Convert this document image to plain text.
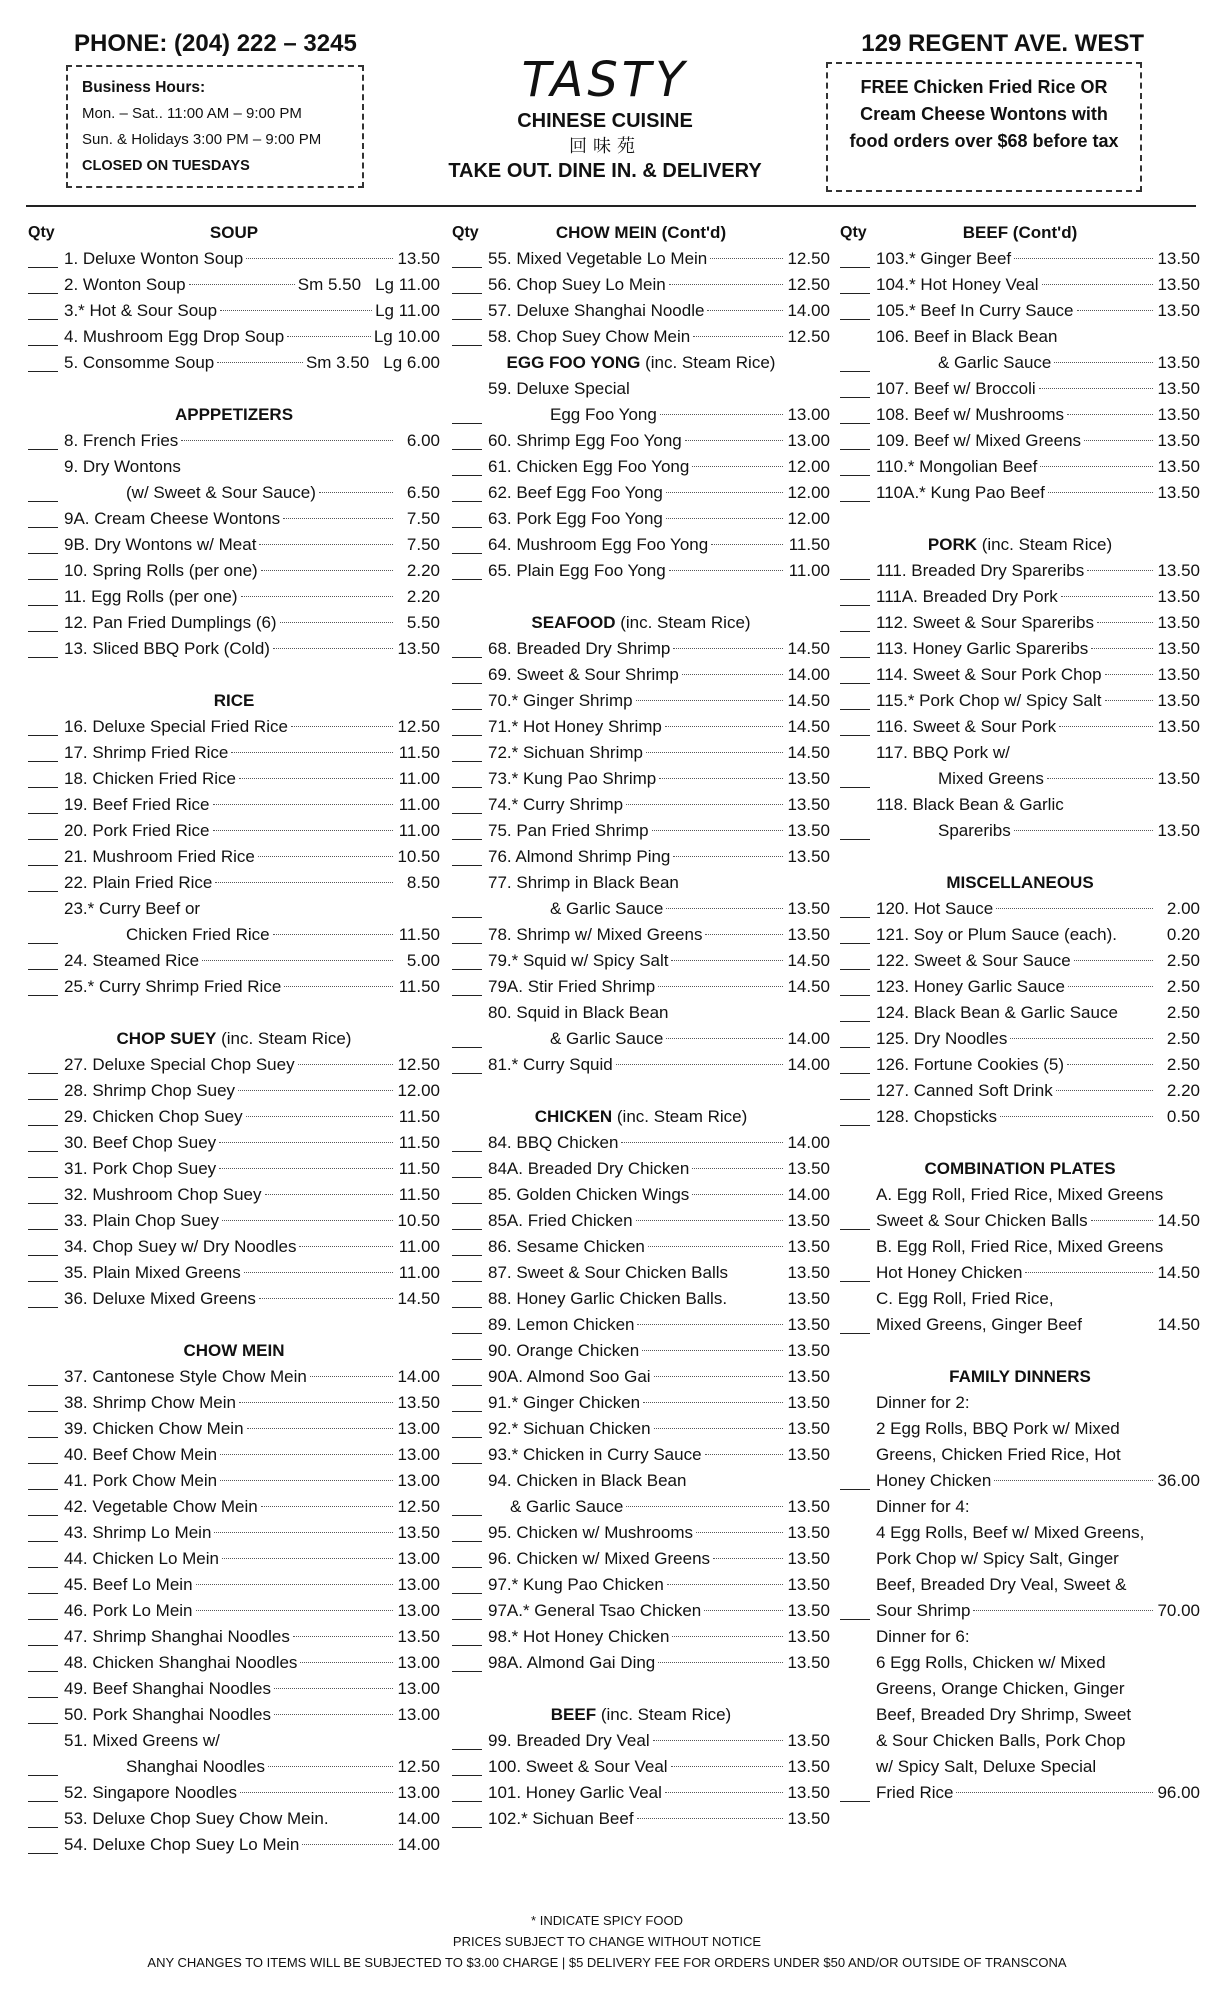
PHONE: (204) 222 – 3245	129 REGENT AVE. WEST
Business Hours:
Mon. – Sat.. 11:00 AM – 9:00 PM
Sun. & Holidays 3:00 PM – 9:00 PM
CLOSED ON TUESDAYS
TASTY
CHINESE CUISINE
回味苑
TAKE OUT. DINE IN. & DELIVERY
FREE Chicken Fried Rice OR Cream Cheese Wontons with food orders over $68 before tax
Qty	SOUP
1. Deluxe Wonton Soup	13.50
2. Wonton Soup	Sm 5.50 Lg 11.00
3.* Hot & Sour Soup	Lg 11.00
4. Mushroom Egg Drop Soup	Lg 10.00
5. Consomme Soup	Sm 3.50 Lg 6.00
APPPETIZERS
8. French Fries	6.00
9. Dry Wontons
(w/ Sweet & Sour Sauce)	6.50
9A. Cream Cheese Wontons	7.50
9B. Dry Wontons w/ Meat	7.50
10. Spring Rolls (per one)	2.20
11. Egg Rolls (per one)	2.20
12. Pan Fried Dumplings (6)	5.50
13. Sliced BBQ Pork (Cold)	13.50
RICE
16. Deluxe Special Fried Rice	12.50
17. Shrimp Fried Rice	11.50
18. Chicken Fried Rice	11.00
19. Beef Fried Rice	11.00
20. Pork Fried Rice	11.00
21. Mushroom Fried Rice	10.50
22. Plain Fried Rice	8.50
23.* Curry Beef or
Chicken Fried Rice	11.50
24. Steamed Rice	5.00
25.* Curry Shrimp Fried Rice	11.50
CHOP SUEY (inc. Steam Rice)
27. Deluxe Special Chop Suey	12.50
28. Shrimp Chop Suey	12.00
29. Chicken Chop Suey	11.50
30. Beef Chop Suey	11.50
31. Pork Chop Suey	11.50
32. Mushroom Chop Suey	11.50
33. Plain Chop Suey	10.50
34. Chop Suey w/ Dry Noodles	11.00
35. Plain Mixed Greens	11.00
36. Deluxe Mixed Greens	14.50
CHOW MEIN
37. Cantonese Style Chow Mein	14.00
38. Shrimp Chow Mein	13.50
39. Chicken Chow Mein	13.00
40. Beef Chow Mein	13.00
41. Pork Chow Mein	13.00
42. Vegetable Chow Mein	12.50
43. Shrimp Lo Mein	13.50
44. Chicken Lo Mein	13.00
45. Beef Lo Mein	13.00
46. Pork Lo Mein	13.00
47. Shrimp Shanghai Noodles	13.50
48. Chicken Shanghai Noodles	13.00
49. Beef Shanghai Noodles	13.00
50. Pork Shanghai Noodles	13.00
51. Mixed Greens w/
Shanghai Noodles	12.50
52. Singapore Noodles	13.00
53. Deluxe Chop Suey Chow Mein.	14.00
54. Deluxe Chop Suey Lo Mein	14.00
Qty	CHOW MEIN (Cont'd)
55. Mixed Vegetable Lo Mein	12.50
56. Chop Suey Lo Mein	12.50
57. Deluxe Shanghai Noodle	14.00
58. Chop Suey Chow Mein	12.50
EGG FOO YONG (inc. Steam Rice)
59. Deluxe Special
Egg Foo Yong	13.00
60. Shrimp Egg Foo Yong	13.00
61. Chicken Egg Foo Yong	12.00
62. Beef Egg Foo Yong	12.00
63. Pork Egg Foo Yong	12.00
64. Mushroom Egg Foo Yong	11.50
65. Plain Egg Foo Yong	11.00
SEAFOOD (inc. Steam Rice)
68. Breaded Dry Shrimp	14.50
69. Sweet & Sour Shrimp	14.00
70.* Ginger Shrimp	14.50
71.* Hot Honey Shrimp	14.50
72.* Sichuan Shrimp	14.50
73.* Kung Pao Shrimp	13.50
74.* Curry Shrimp	13.50
75. Pan Fried Shrimp	13.50
76. Almond Shrimp Ping	13.50
77. Shrimp in Black Bean
& Garlic Sauce	13.50
78. Shrimp w/ Mixed Greens	13.50
79.* Squid w/ Spicy Salt	14.50
79A. Stir Fried Shrimp	14.50
80. Squid in Black Bean
& Garlic Sauce	14.00
81.* Curry Squid	14.00
CHICKEN (inc. Steam Rice)
84. BBQ Chicken	14.00
84A. Breaded Dry Chicken	13.50
85. Golden Chicken Wings	14.00
85A. Fried Chicken	13.50
86. Sesame Chicken	13.50
87. Sweet & Sour Chicken Balls	13.50
88. Honey Garlic Chicken Balls.	13.50
89. Lemon Chicken	13.50
90. Orange Chicken	13.50
90A. Almond Soo Gai	13.50
91.* Ginger Chicken	13.50
92.* Sichuan Chicken	13.50
93.* Chicken in Curry Sauce	13.50
94. Chicken in Black Bean
& Garlic Sauce	13.50
95. Chicken w/ Mushrooms	13.50
96. Chicken w/ Mixed Greens	13.50
97.* Kung Pao Chicken	13.50
97A.* General Tsao Chicken	13.50
98.* Hot Honey Chicken	13.50
98A. Almond Gai Ding	13.50
BEEF (inc. Steam Rice)
99. Breaded Dry Veal	13.50
100. Sweet & Sour Veal	13.50
101. Honey Garlic Veal	13.50
102.* Sichuan Beef	13.50
Qty	BEEF (Cont'd)
103.* Ginger Beef	13.50
104.* Hot Honey Veal	13.50
105.* Beef In Curry Sauce	13.50
106. Beef in Black Bean
& Garlic Sauce	13.50
107. Beef w/ Broccoli	13.50
108. Beef w/ Mushrooms	13.50
109. Beef w/ Mixed Greens	13.50
110.* Mongolian Beef	13.50
110A.* Kung Pao Beef	13.50
PORK (inc. Steam Rice)
111. Breaded Dry Spareribs	13.50
111A. Breaded Dry Pork	13.50
112. Sweet & Sour Spareribs	13.50
113. Honey Garlic Spareribs	13.50
114. Sweet & Sour Pork Chop	13.50
115.* Pork Chop w/ Spicy Salt	13.50
116. Sweet & Sour Pork	13.50
117. BBQ Pork w/
Mixed Greens	13.50
118. Black Bean & Garlic
Spareribs	13.50
MISCELLANEOUS
120. Hot Sauce	2.00
121. Soy or Plum Sauce (each).	0.20
122. Sweet & Sour Sauce	2.50
123. Honey Garlic Sauce	2.50
124. Black Bean & Garlic Sauce	2.50
125. Dry Noodles	2.50
126. Fortune Cookies (5)	2.50
127. Canned Soft Drink	2.20
128. Chopsticks	0.50
COMBINATION PLATES
A. Egg Roll, Fried Rice, Mixed Greens
Sweet & Sour Chicken Balls	14.50
B. Egg Roll, Fried Rice, Mixed Greens
Hot Honey Chicken	14.50
C. Egg Roll, Fried Rice,
Mixed Greens, Ginger Beef	14.50
FAMILY DINNERS
Dinner for 2:
2 Egg Rolls, BBQ Pork w/ Mixed
Greens, Chicken Fried Rice, Hot
Honey Chicken	36.00
Dinner for 4:
4 Egg Rolls, Beef w/ Mixed Greens,
Pork Chop w/ Spicy Salt, Ginger
Beef, Breaded Dry Veal, Sweet &
Sour Shrimp	70.00
Dinner for 6:
6 Egg Rolls, Chicken w/ Mixed
Greens, Orange Chicken, Ginger
Beef, Breaded Dry Shrimp, Sweet
& Sour Chicken Balls, Pork Chop
w/ Spicy Salt, Deluxe Special
Fried Rice	96.00
* INDICATE SPICY FOOD
PRICES SUBJECT TO CHANGE WITHOUT NOTICE
ANY CHANGES TO ITEMS WILL BE SUBJECTED TO $3.00 CHARGE | $5 DELIVERY FEE FOR ORDERS UNDER $50 AND/OR OUTSIDE OF TRANSCONA
